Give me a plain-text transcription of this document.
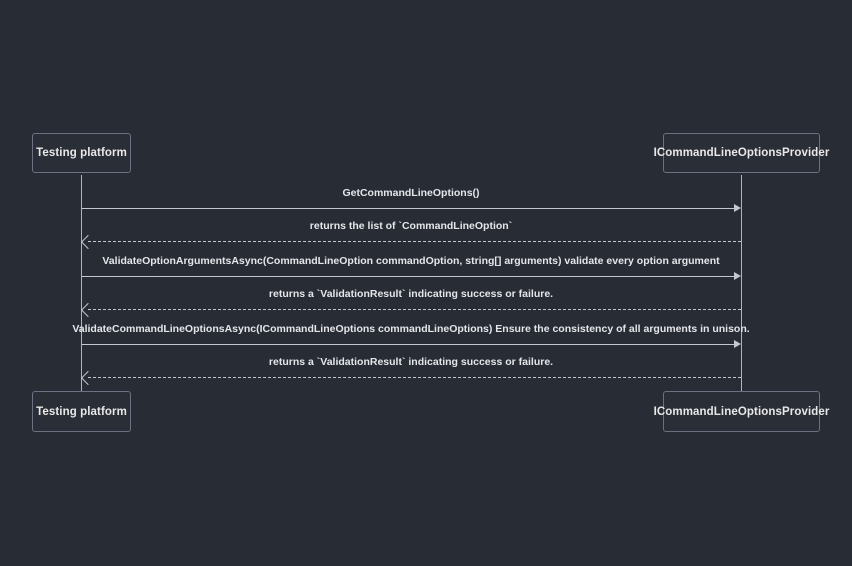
Testing platform	ICommandLineOptionsProvider
GetCommandLineOptions()
returns the list of `CommandLineOption`
ValidateOptionArgumentsAsync(CommandLineOption commandOption, string[] arguments) validate every option argument
returns a `ValidationResult` indicating success or failure.
ValidateCommandLineOptionsAsync(ICommandLineOptions commandLineOptions) Ensure the consistency of all arguments in unison.
returns a `ValidationResult` indicating success or failure.
Testing platform	ICommandLineOptionsProvider
